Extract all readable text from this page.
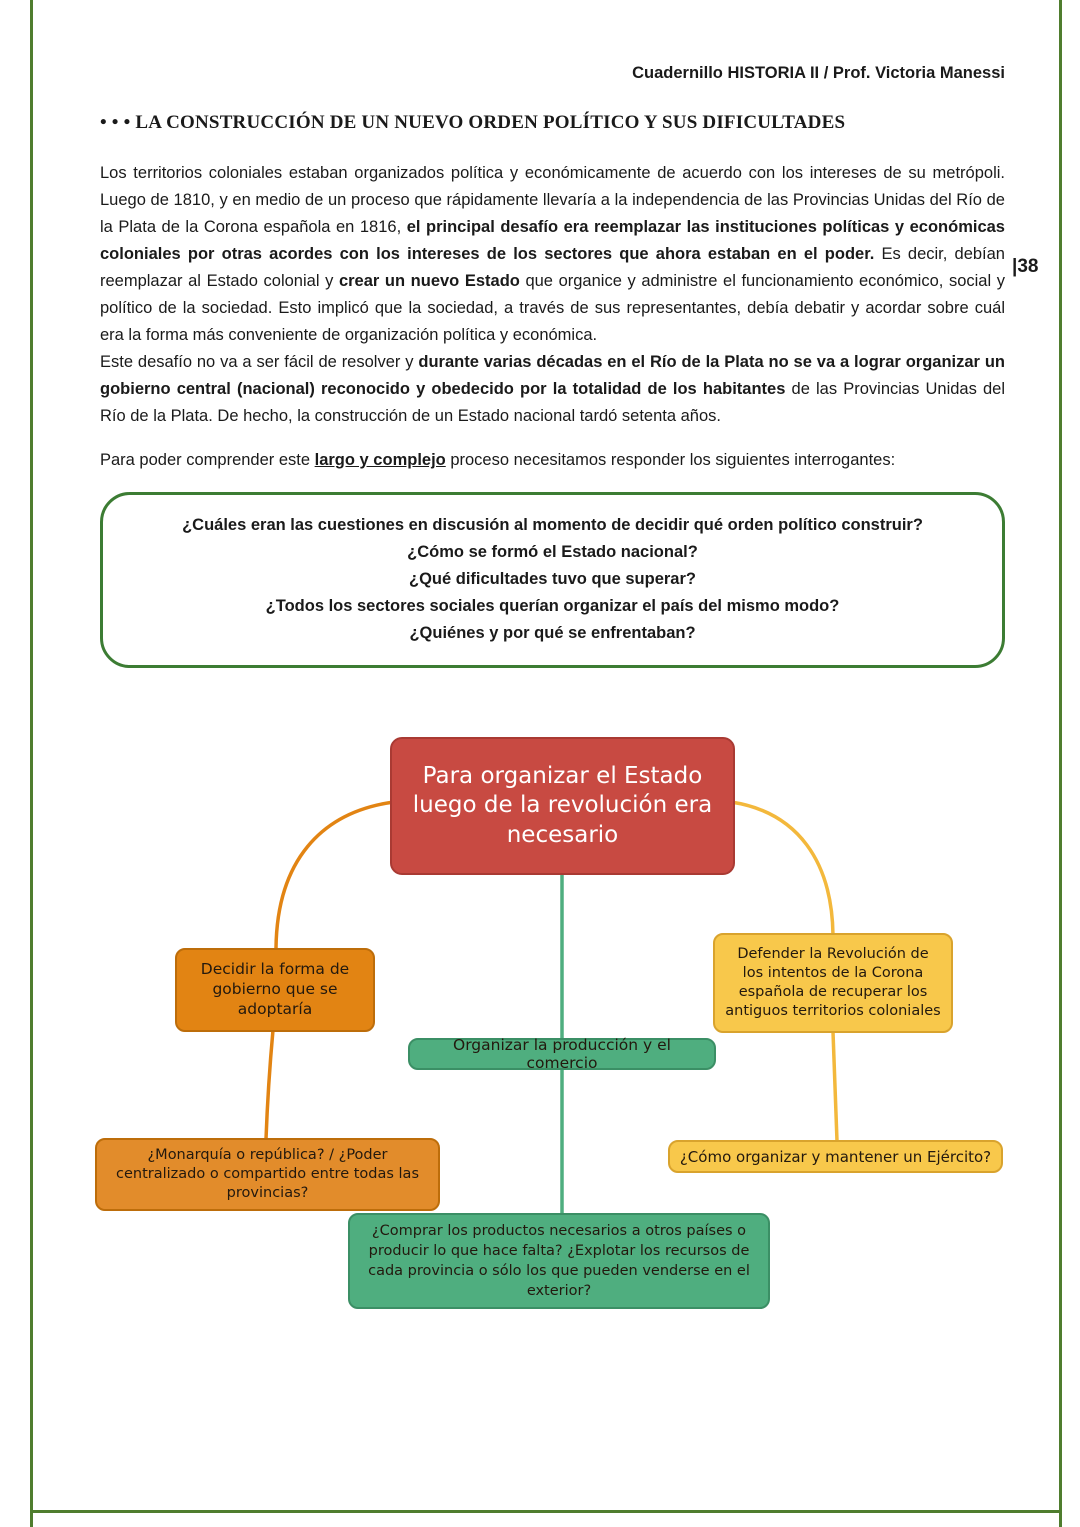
|38
Cuadernillo HISTORIA II / Prof. Victoria Manessi
• • • LA CONSTRUCCIÓN DE UN NUEVO ORDEN POLÍTICO Y SUS DIFICULTADES

Los territorios coloniales estaban organizados política y económicamente de acuerdo con los intereses de su metrópoli. Luego de 1810, y en medio de un proceso que rápidamente llevaría a la independencia de las Provincias Unidas del Río de la Plata de la Corona española en 1816, el principal desafío era reemplazar las instituciones políticas y económicas coloniales por otras acordes con los intereses de los sectores que ahora estaban en el poder. Es decir, debían reemplazar al Estado colonial y crear un nuevo Estado que organice y administre el funcionamiento económico, social y político de la sociedad. Esto implicó que la sociedad, a través de sus representantes, debía debatir y acordar sobre cuál era la forma más conveniente de organización política y económica.

Este desafío no va a ser fácil de resolver y durante varias décadas en el Río de la Plata no se va a lograr organizar un gobierno central (nacional) reconocido y obedecido por la totalidad de los habitantes de las Provincias Unidas del Río de la Plata. De hecho, la construcción de un Estado nacional tardó setenta años.

Para poder comprender este largo y complejo proceso necesitamos responder los siguientes interrogantes:

¿Cuáles eran las cuestiones en discusión al momento de decidir qué orden político construir?
¿Cómo se formó el Estado nacional?
¿Qué dificultades tuvo que superar?
¿Todos los sectores sociales querían organizar el país del mismo modo?
¿Quiénes y por qué se enfrentaban?
Para organizar el Estado luego de la revolución era necesario
Decidir la forma de gobierno que se adoptaría
Defender la Revolución de los intentos de la Corona española de recuperar los antiguos territorios coloniales
Organizar la producción y el comercio
¿Monarquía o república? / ¿Poder centralizado o compartido entre todas las provincias?
¿Cómo organizar y mantener un Ejército?
¿Comprar los productos necesarios a otros países o producir lo que hace falta? ¿Explotar los recursos de cada provincia o sólo los que pueden venderse en el exterior?
